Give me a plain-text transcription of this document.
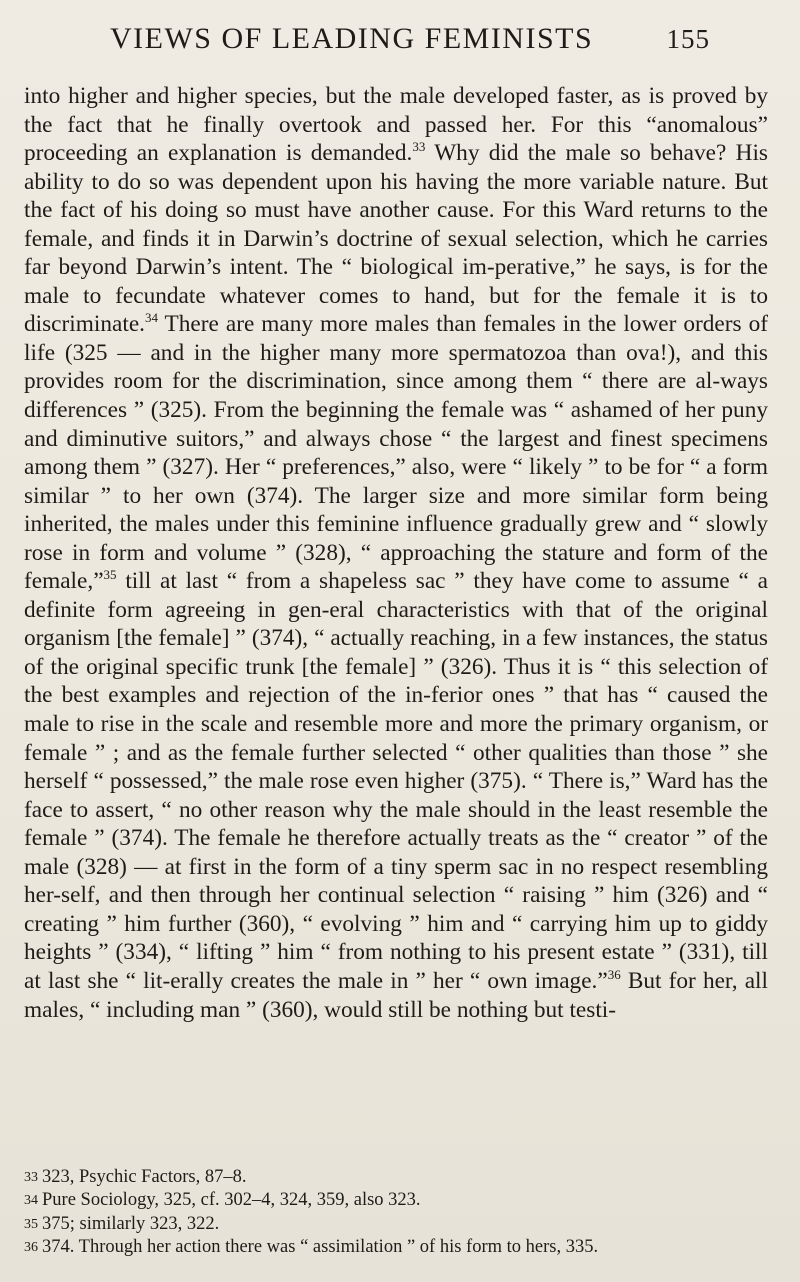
VIEWS OF LEADING FEMINISTS	155

into higher and higher species, but the male developed faster, as is proved by the fact that he finally overtook and passed her. For this “anomalous” proceeding an explanation is demanded.$^{33}$ Why did the male so behave? His ability to do so was dependent upon his having the more variable nature. But the fact of his doing so must have another cause. For this Ward returns to the female, and finds it in Darwin’s doctrine of sexual selection, which he carries far beyond Darwin’s intent. The “ biological im-perative,” he says, is for the male to fecundate whatever comes to hand, but for the female it is to discriminate.$^{34}$ There are many more males than females in the lower orders of life (325 — and in the higher many more spermatozoa than ova!), and this provides room for the discrimination, since among them “ there are al-ways differences ” (325). From the beginning the female was “ ashamed of her puny and diminutive suitors,” and always chose “ the largest and finest specimens among them ” (327). Her “ preferences,” also, were “ likely ” to be for “ a form similar ” to her own (374). The larger size and more similar form being inherited, the males under this feminine influence gradually grew and “ slowly rose in form and volume ” (328), “ approaching the stature and form of the female,”$^{35}$ till at last “ from a shapeless sac ” they have come to assume “ a definite form agreeing in gen-eral characteristics with that of the original organism [the female] ” (374), “ actually reaching, in a few instances, the status of the original specific trunk [the female] ” (326). Thus it is “ this selection of the best examples and rejection of the in-ferior ones ” that has “ caused the male to rise in the scale and resemble more and more the primary organism, or female ” ; and as the female further selected “ other qualities than those ” she herself “ possessed,” the male rose even higher (375). “ There is,” Ward has the face to assert, “ no other reason why the male should in the least resemble the female ” (374). The female he therefore actually treats as the “ creator ” of the male (328) — at first in the form of a tiny sperm sac in no respect resembling her-self, and then through her continual selection “ raising ” him (326) and “ creating ” him further (360), “ evolving ” him and “ carrying him up to giddy heights ” (334), “ lifting ” him “ from nothing to his present estate ” (331), till at last she “ lit-erally creates the male in ” her “ own image.”$^{36}$ But for her, all males, “ including man ” (360), would still be nothing but testi-

33 323, Psychic Factors, 87–8.
34 Pure Sociology, 325, cf. 302–4, 324, 359, also 323.
35 375; similarly 323, 322.
36 374. Through her action there was “ assimilation ” of his form to hers, 335.
